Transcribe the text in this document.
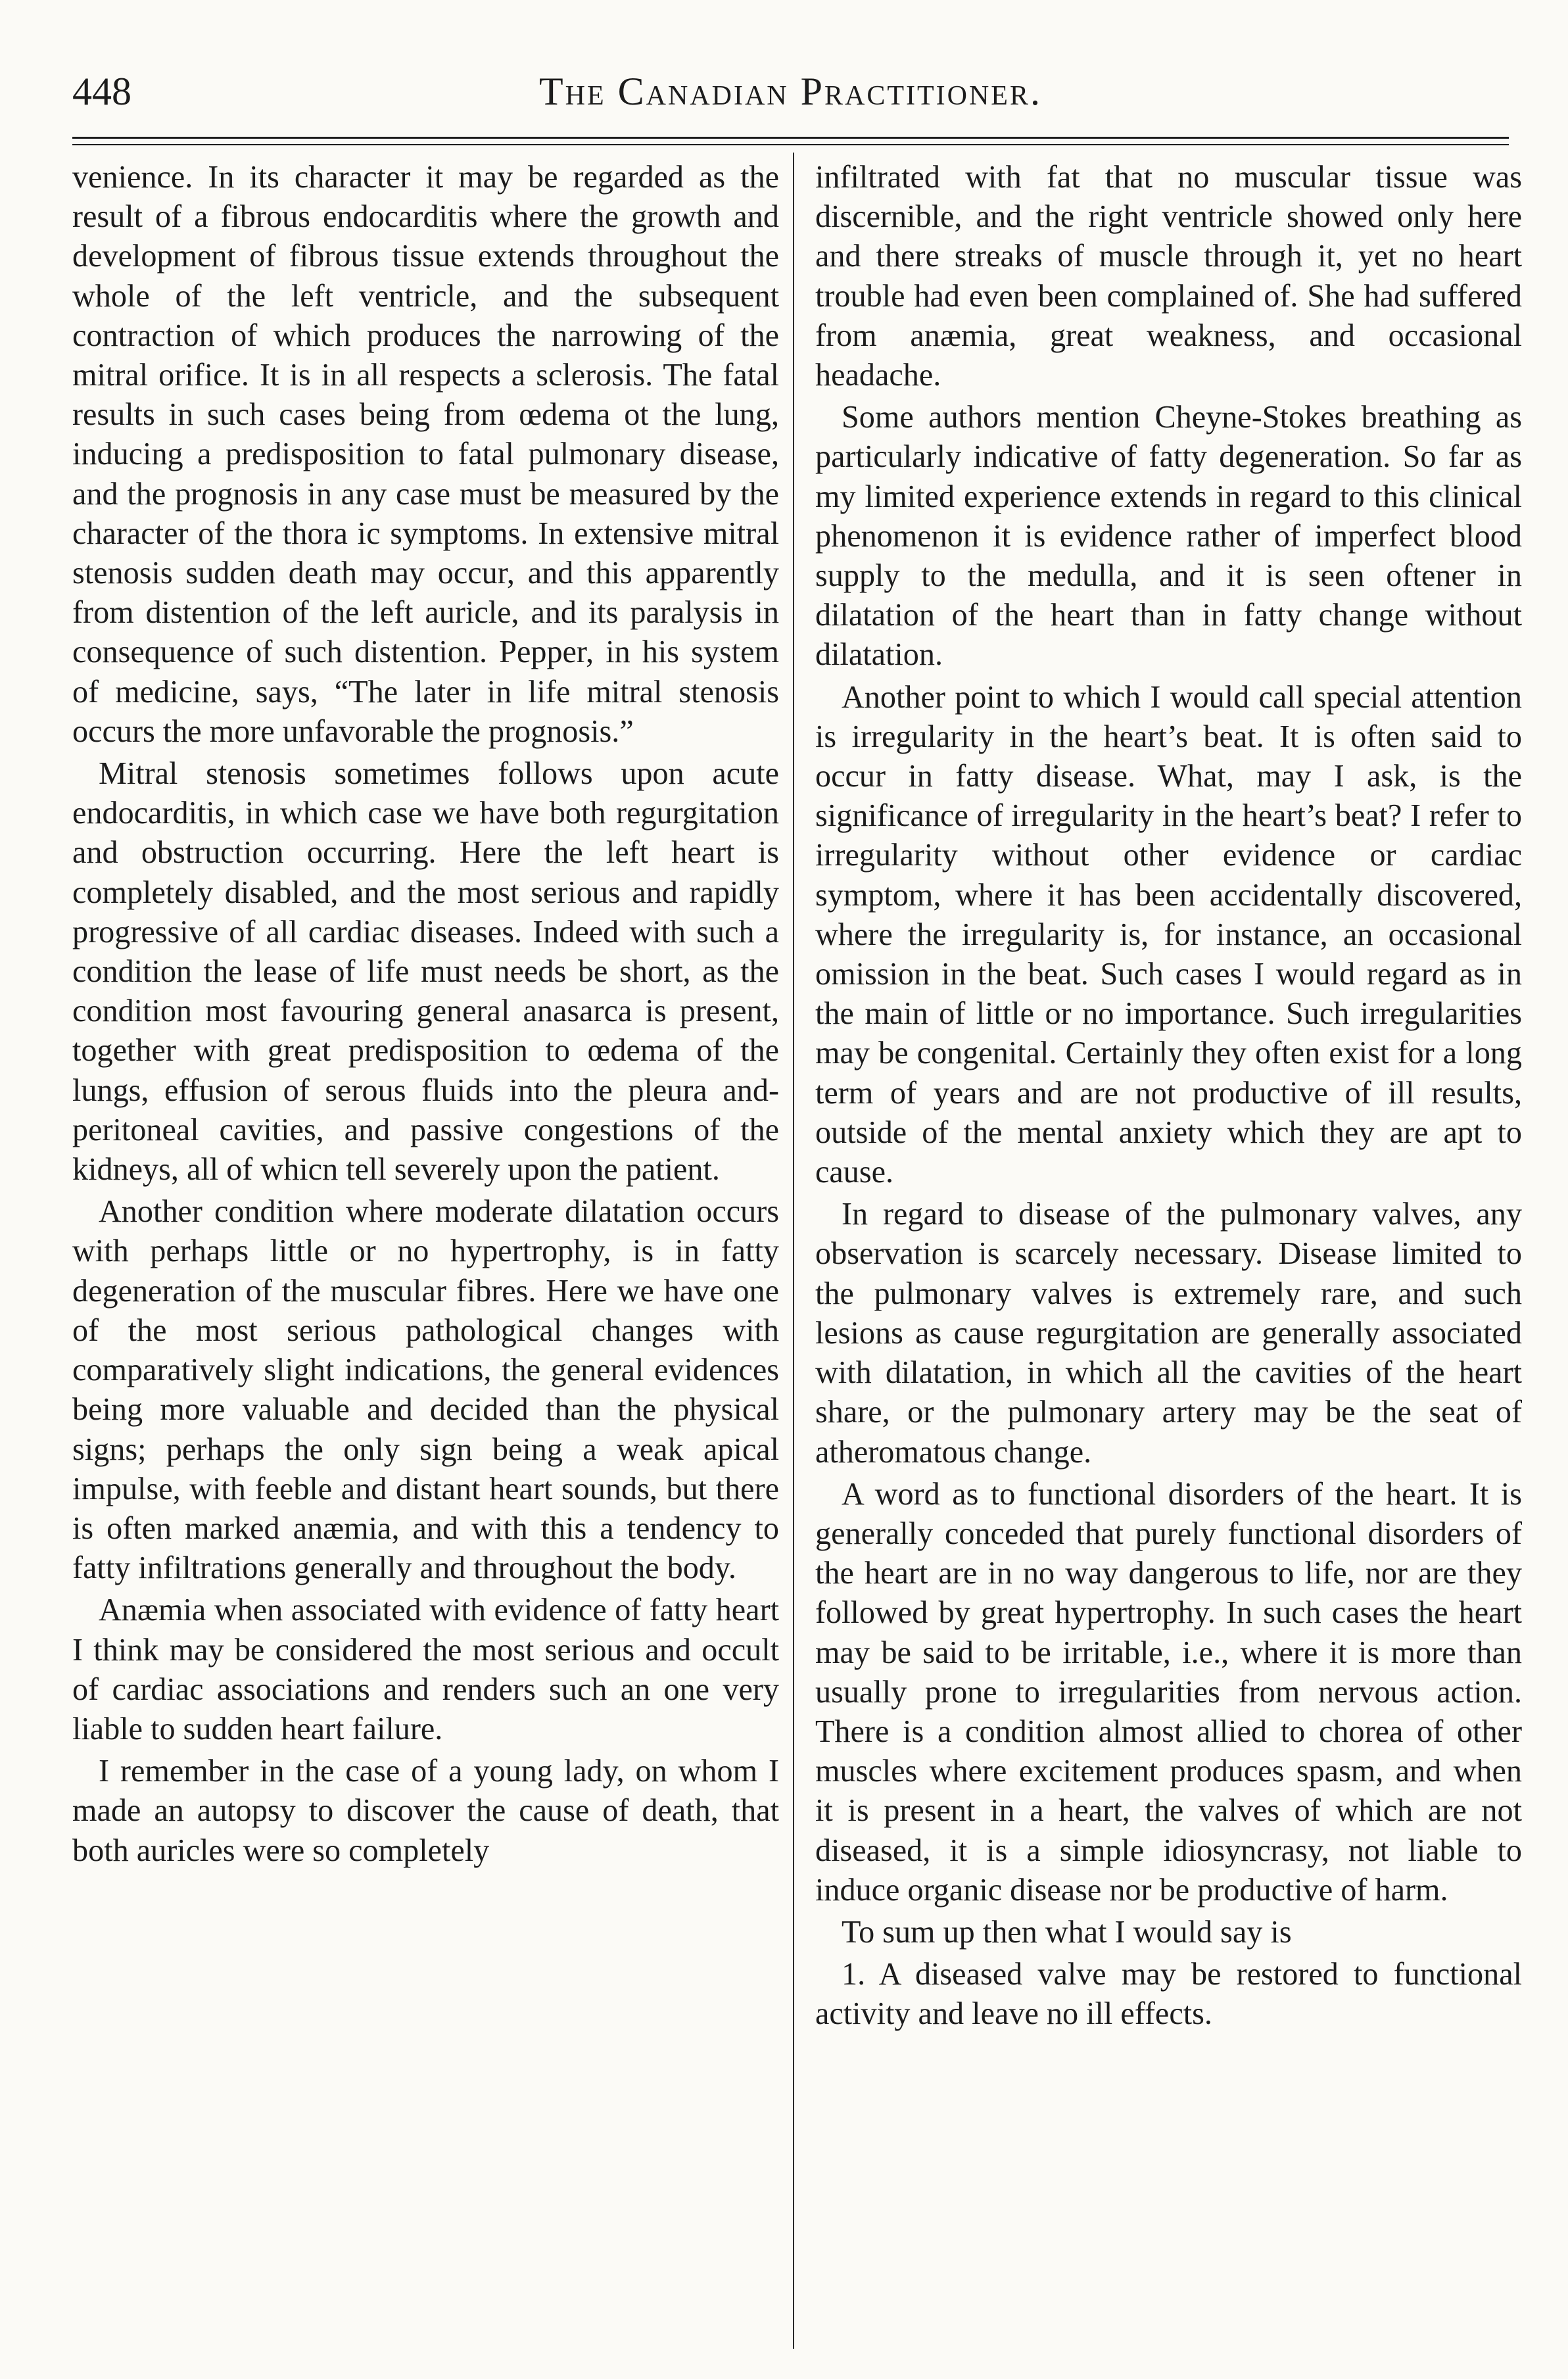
448	The Canadian Practitioner.

venience. In its character it may be regarded as the result of a fibrous endocarditis where the growth and development of fibrous tissue extends throughout the whole of the left ventricle, and the subsequent contraction of which produces the narrowing of the mitral orifice. It is in all respects a sclerosis. The fatal results in such cases being from œdema ot the lung, inducing a predisposition to fatal pulmonary disease, and the prognosis in any case must be measured by the character of the thora ic symptoms. In extensive mitral stenosis sudden death may occur, and this apparently from distention of the left auricle, and its paralysis in consequence of such distention. Pepper, in his system of medicine, says, “The later in life mitral stenosis occurs the more unfavorable the prognosis.”

Mitral stenosis sometimes follows upon acute endocarditis, in which case we have both regurgitation and obstruction occurring. Here the left heart is completely disabled, and the most serious and rapidly progressive of all cardiac diseases. Indeed with such a condition the lease of life must needs be short, as the condition most favouring general anasarca is present, together with great predisposition to œdema of the lungs, effusion of serous fluids into the pleura and-peritoneal cavities, and passive congestions of the kidneys, all of whicn tell severely upon the patient.

Another condition where moderate dilatation occurs with perhaps little or no hypertrophy, is in fatty degeneration of the muscular fibres. Here we have one of the most serious pathological changes with comparatively slight indications, the general evidences being more valuable and decided than the physical signs; perhaps the only sign being a weak apical impulse, with feeble and distant heart sounds, but there is often marked anæmia, and with this a tendency to fatty infiltrations generally and throughout the body.

Anæmia when associated with evidence of fatty heart I think may be considered the most serious and occult of cardiac associations and renders such an one very liable to sudden heart failure.

I remember in the case of a young lady, on whom I made an autopsy to discover the cause of death, that both auricles were so completely

infiltrated with fat that no muscular tissue was discernible, and the right ventricle showed only here and there streaks of muscle through it, yet no heart trouble had even been complained of. She had suffered from anæmia, great weakness, and occasional headache.

Some authors mention Cheyne-Stokes breathing as particularly indicative of fatty degeneration. So far as my limited experience extends in regard to this clinical phenomenon it is evidence rather of imperfect blood supply to the medulla, and it is seen oftener in dilatation of the heart than in fatty change without dilatation.

Another point to which I would call special attention is irregularity in the heart’s beat. It is often said to occur in fatty disease. What, may I ask, is the significance of irregularity in the heart’s beat? I refer to irregularity without other evidence or cardiac symptom, where it has been accidentally discovered, where the irregularity is, for instance, an occasional omission in the beat. Such cases I would regard as in the main of little or no importance. Such irregularities may be congenital. Certainly they often exist for a long term of years and are not productive of ill results, outside of the mental anxiety which they are apt to cause.

In regard to disease of the pulmonary valves, any observation is scarcely necessary. Disease limited to the pulmonary valves is extremely rare, and such lesions as cause regurgitation are generally associated with dilatation, in which all the cavities of the heart share, or the pulmonary artery may be the seat of atheromatous change.

A word as to functional disorders of the heart. It is generally conceded that purely functional disorders of the heart are in no way dangerous to life, nor are they followed by great hypertrophy. In such cases the heart may be said to be irritable, i.e., where it is more than usually prone to irregularities from nervous action. There is a condition almost allied to chorea of other muscles where excitement produces spasm, and when it is present in a heart, the valves of which are not diseased, it is a simple idiosyncrasy, not liable to induce organic disease nor be productive of harm.

To sum up then what I would say is

1. A diseased valve may be restored to functional activity and leave no ill effects.
